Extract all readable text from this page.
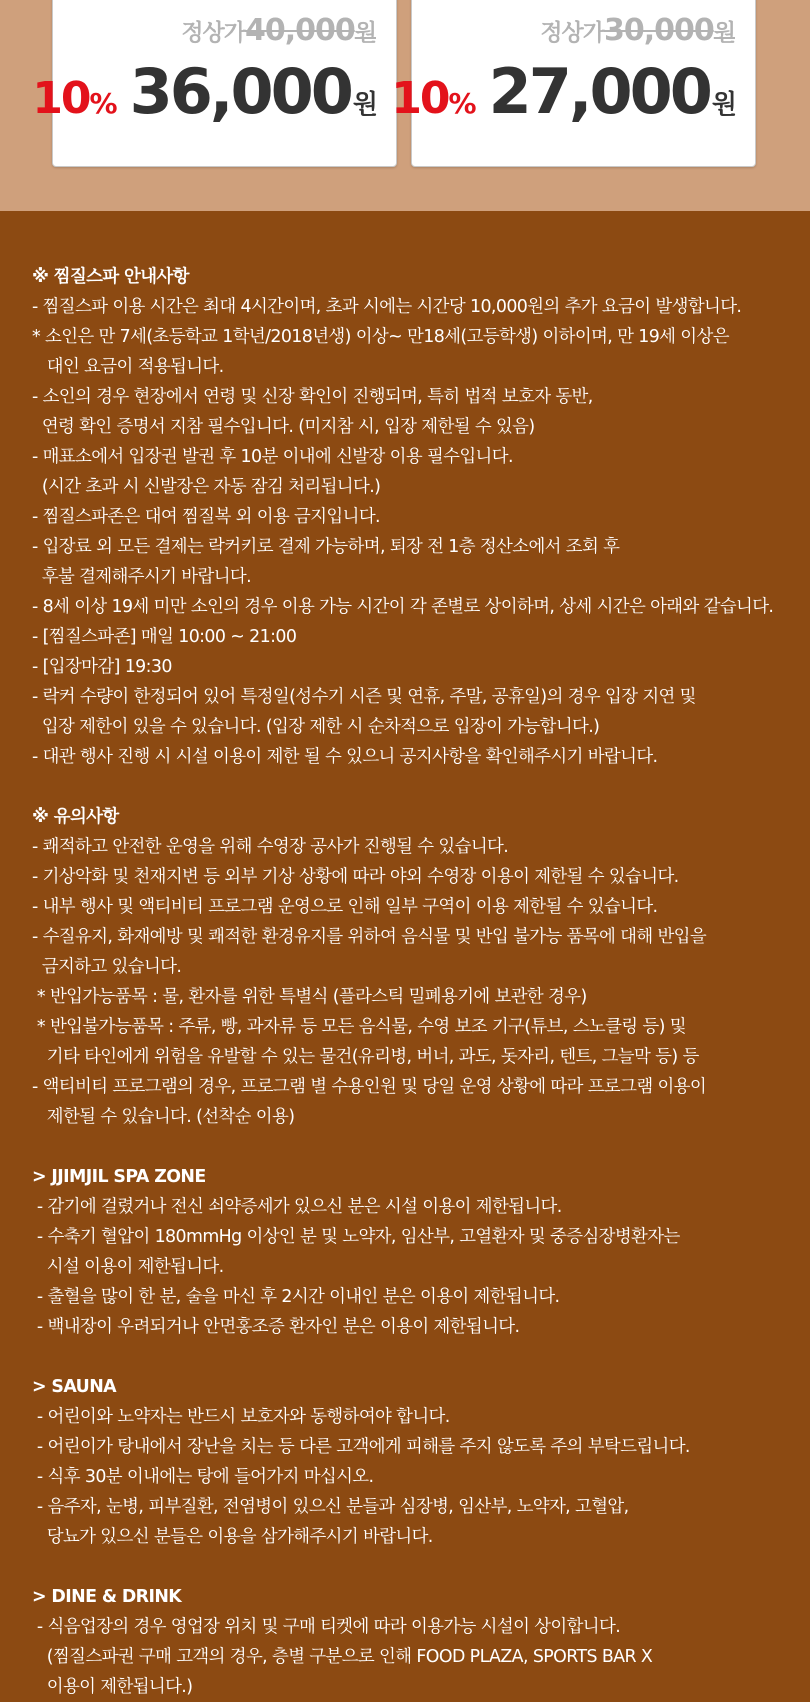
정상가40,000원
10% 36,000 원
정상가30,000원
10% 27,000 원
※ 찜질스파 안내사항
- 찜질스파 이용 시간은 최대 4시간이며, 초과 시에는 시간당 10,000원의 추가 요금이 발생합니다.
* 소인은 만 7세(초등학교 1학년/2018년생) 이상~ 만18세(고등학생) 이하이며, 만 19세 이상은
대인 요금이 적용됩니다.
- 소인의 경우 현장에서 연령 및 신장 확인이 진행되며, 특히 법적 보호자 동반,
연령 확인 증명서 지참 필수입니다. (미지참 시, 입장 제한될 수 있음)
- 매표소에서 입장권 발권 후 10분 이내에 신발장 이용 필수입니다.
(시간 초과 시 신발장은 자동 잠김 처리됩니다.)
- 찜질스파존은 대여 찜질복 외 이용 금지입니다.
- 입장료 외 모든 결제는 락커키로 결제 가능하며, 퇴장 전 1층 정산소에서 조회 후
후불 결제해주시기 바랍니다.
- 8세 이상 19세 미만 소인의 경우 이용 가능 시간이 각 존별로 상이하며, 상세 시간은 아래와 같습니다.
- [찜질스파존] 매일 10:00 ~ 21:00
- [입장마감] 19:30
- 락커 수량이 한정되어 있어 특정일(성수기 시즌 및 연휴, 주말, 공휴일)의 경우 입장 지연 및
입장 제한이 있을 수 있습니다. (입장 제한 시 순차적으로 입장이 가능합니다.)
- 대관 행사 진행 시 시설 이용이 제한 될 수 있으니 공지사항을 확인해주시기 바랍니다.
※ 유의사항
- 쾌적하고 안전한 운영을 위해 수영장 공사가 진행될 수 있습니다.
- 기상악화 및 천재지변 등 외부 기상 상황에 따라 야외 수영장 이용이 제한될 수 있습니다.
- 내부 행사 및 액티비티 프로그램 운영으로 인해 일부 구역이 이용 제한될 수 있습니다.
- 수질유지, 화재예방 및 쾌적한 환경유지를 위하여 음식물 및 반입 불가능 품목에 대해 반입을
금지하고 있습니다.
* 반입가능품목 : 물, 환자를 위한 특별식 (플라스틱 밀폐용기에 보관한 경우)
* 반입불가능품목 : 주류, 빵, 과자류 등 모든 음식물, 수영 보조 기구(튜브, 스노클링 등) 및
기타 타인에게 위험을 유발할 수 있는 물건(유리병, 버너, 과도, 돗자리, 텐트, 그늘막 등) 등
- 액티비티 프로그램의 경우, 프로그램 별 수용인원 및 당일 운영 상황에 따라 프로그램 이용이
제한될 수 있습니다. (선착순 이용)
> JJIMJIL SPA ZONE
- 감기에 걸렸거나 전신 쇠약증세가 있으신 분은 시설 이용이 제한됩니다.
- 수축기 혈압이 180mmHg 이상인 분 및 노약자, 임산부, 고열환자 및 중증심장병환자는
시설 이용이 제한됩니다.
- 출혈을 많이 한 분, 술을 마신 후 2시간 이내인 분은 이용이 제한됩니다.
- 백내장이 우려되거나 안면홍조증 환자인 분은 이용이 제한됩니다.
> SAUNA
- 어린이와 노약자는 반드시 보호자와 동행하여야 합니다.
- 어린이가 탕내에서 장난을 치는 등 다른 고객에게 피해를 주지 않도록 주의 부탁드립니다.
- 식후 30분 이내에는 탕에 들어가지 마십시오.
- 음주자, 눈병, 피부질환, 전염병이 있으신 분들과 심장병, 임산부, 노약자, 고혈압,
당뇨가 있으신 분들은 이용을 삼가해주시기 바랍니다.
> DINE & DRINK
- 식음업장의 경우 영업장 위치 및 구매 티켓에 따라 이용가능 시설이 상이합니다.
(찜질스파권 구매 고객의 경우, 층별 구분으로 인해 FOOD PLAZA, SPORTS BAR X
이용이 제한됩니다.)
